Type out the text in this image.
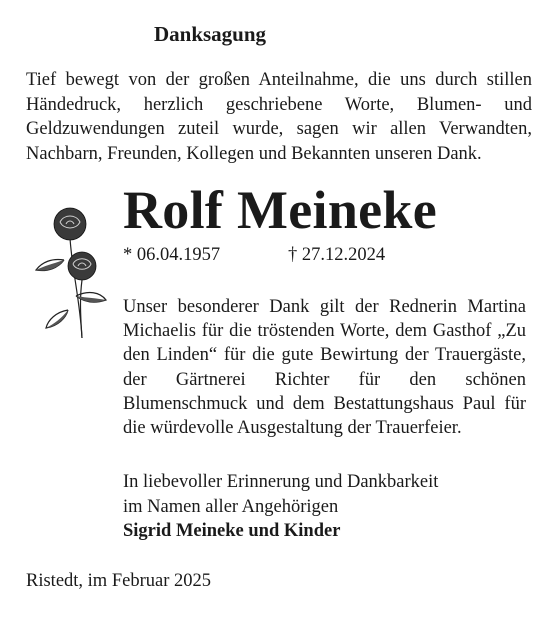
Danksagung
Tief bewegt von der großen Anteilnahme, die uns durch stillen Händedruck, herzlich geschriebene Worte, Blumen- und Geldzuwendungen zuteil wurde, sagen wir allen Verwandten, Nachbarn, Freunden, Kollegen und Bekannten unseren Dank.
Rolf Meineke
* 06.04.1957	† 27.12.2024
Unser besonderer Dank gilt der Rednerin Martina Michaelis für die tröstenden Worte, dem Gasthof „Zu den Linden“ für die gute Bewirtung der Trauergäste, der Gärtnerei Richter für den schönen Blumenschmuck und dem Bestattungshaus Paul für die würdevolle Ausgestaltung der Trauerfeier.
In liebevoller Erinnerung und Dankbarkeit
im Namen aller Angehörigen
Sigrid Meineke und Kinder
Ristedt, im Februar 2025
